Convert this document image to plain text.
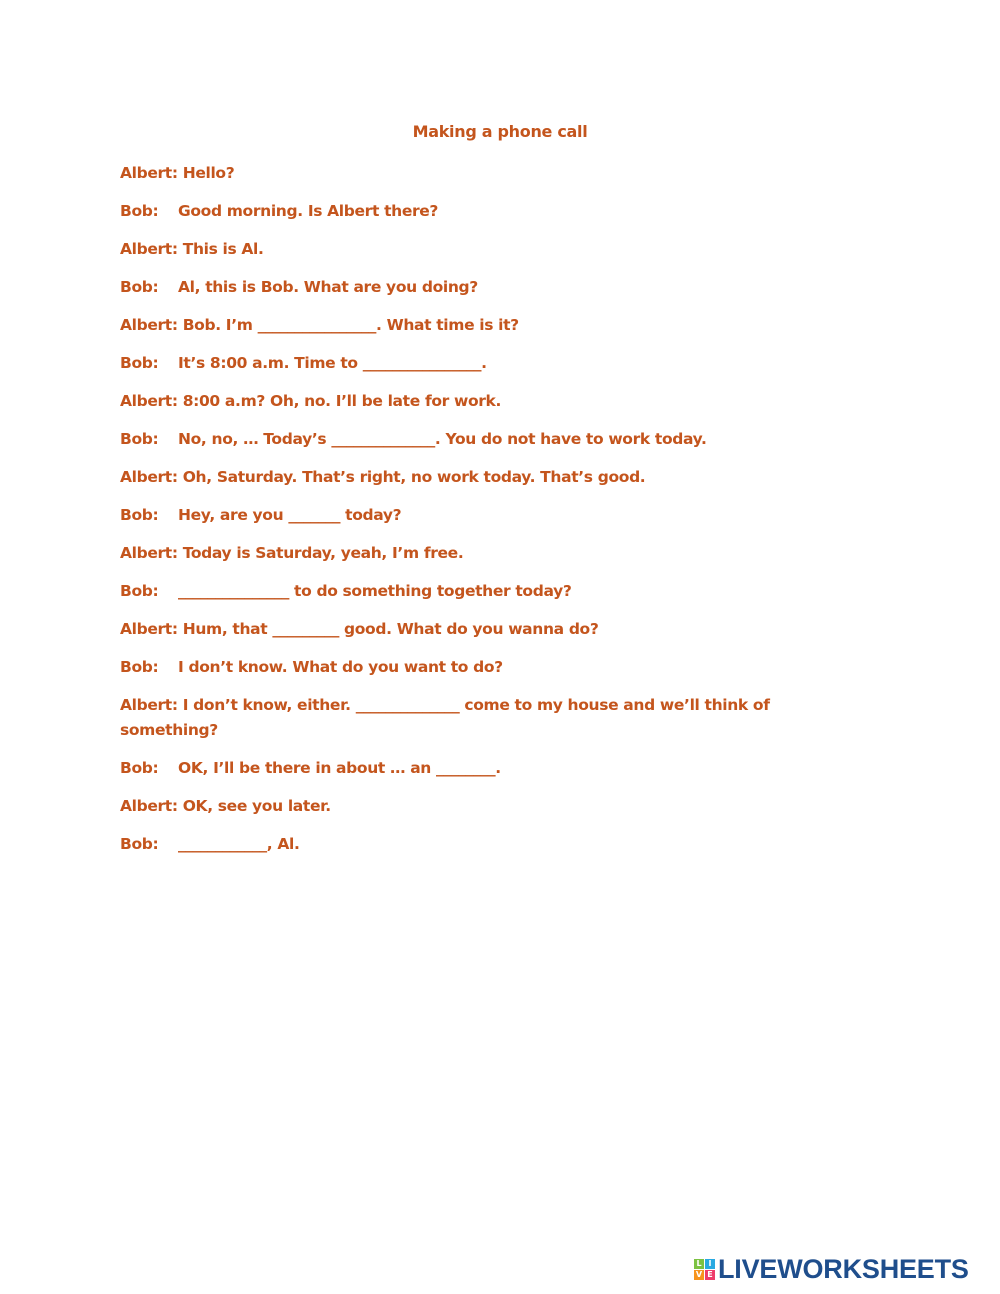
Making a phone call
Albert: Hello?
Bob: Good morning. Is Albert there?
Albert: This is Al.
Bob: Al, this is Bob. What are you doing?
Albert: Bob. I’m ________________. What time is it?
Bob: It’s 8:00 a.m. Time to ________________.
Albert: 8:00 a.m? Oh, no. I’ll be late for work.
Bob: No, no, … Today’s ______________. You do not have to work today.
Albert: Oh, Saturday. That’s right, no work today. That’s good.
Bob: Hey, are you _______ today?
Albert: Today is Saturday, yeah, I’m free.
Bob: _______________ to do something together today?
Albert: Hum, that _________ good. What do you wanna do?
Bob: I don’t know. What do you want to do?
Albert: I don’t know, either. ______________ come to my house and we’ll think of something?
Bob: OK, I’ll be there in about … an ________.
Albert: OK, see you later.
Bob: ____________, Al.
L I
V E LIVEWORKSHEETS
